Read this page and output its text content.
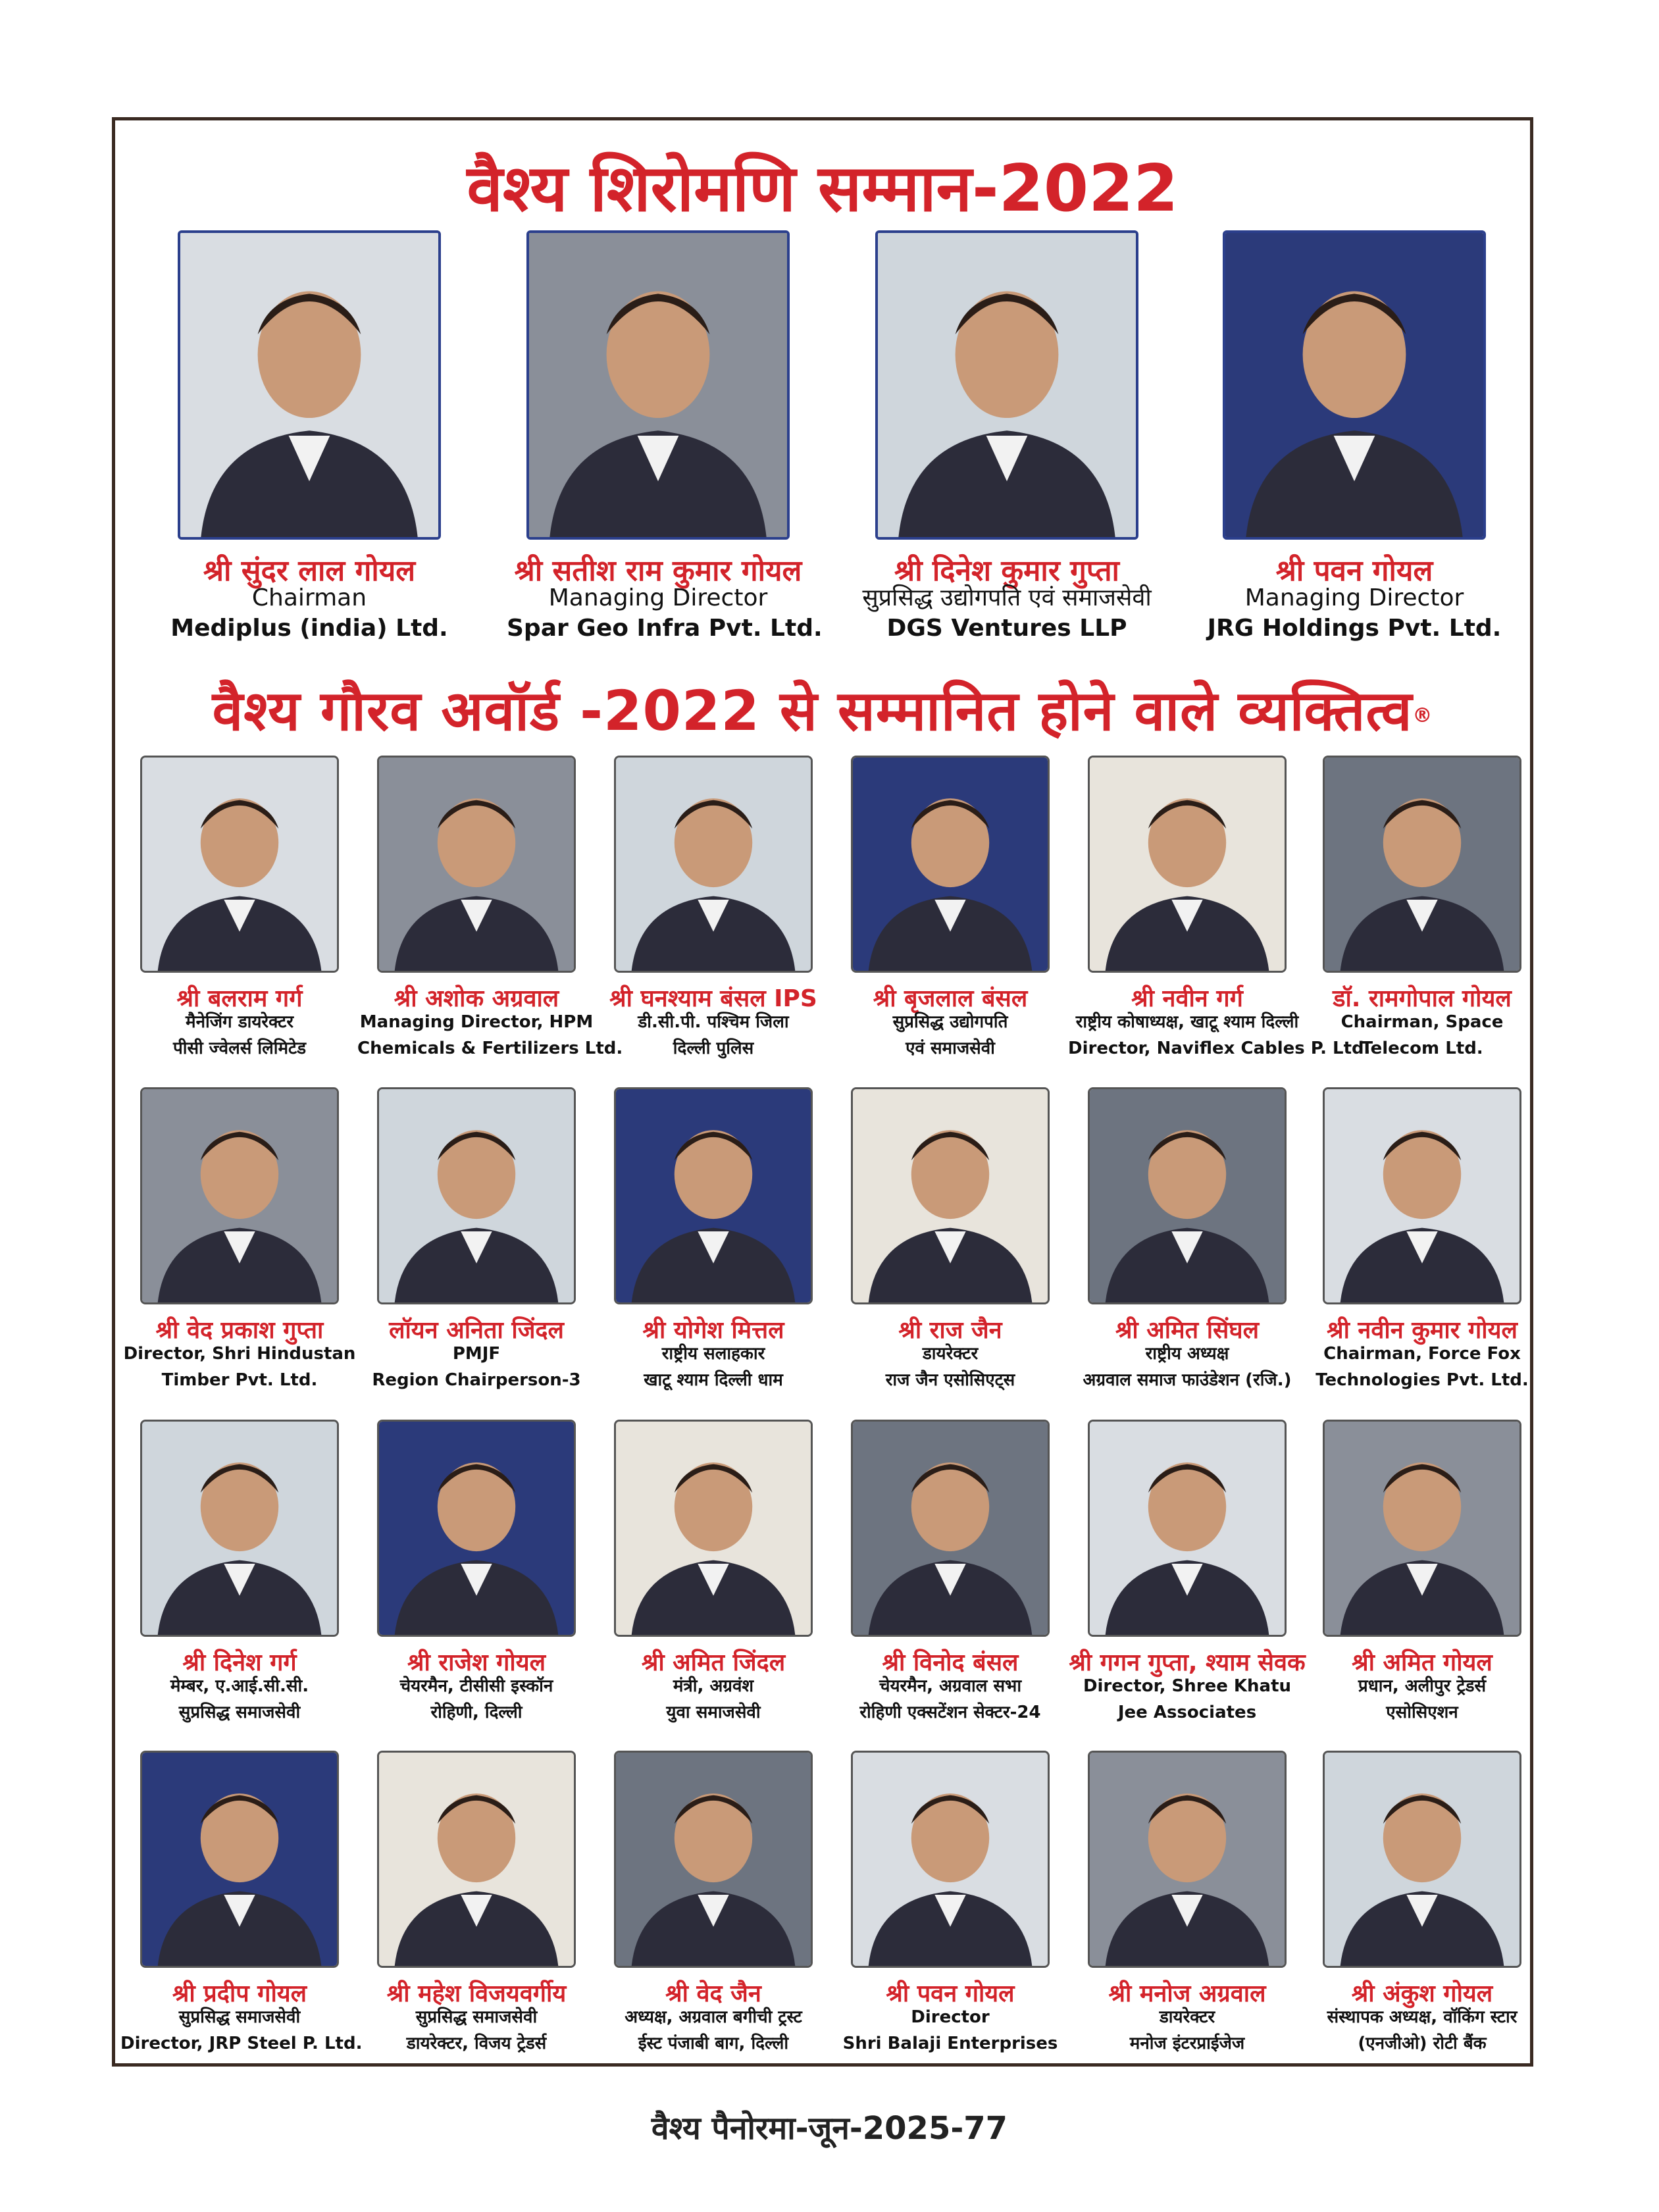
वैश्य शिरोमणि सम्मान-2022
वैश्य गौरव अवॉर्ड -2022 से सम्मानित होने वाले व्यक्तित्व®
श्री सुंदर लाल गोयल
Chairman
Mediplus (india) Ltd.
श्री सतीश राम कुमार गोयल
Managing Director
Spar Geo Infra Pvt. Ltd.
श्री दिनेश कुमार गुप्ता
सुप्रसिद्ध उद्योगपति एवं समाजसेवी
DGS Ventures LLP
श्री पवन गोयल
Managing Director
JRG Holdings Pvt. Ltd.
श्री बलराम गर्ग
मैनेजिंग डायरेक्टर
पीसी ज्वेलर्स लिमिटेड
श्री अशोक अग्रवाल
Managing Director, HPM
Chemicals & Fertilizers Ltd.
श्री घनश्याम बंसल IPS
डी.सी.पी. पश्चिम जिला
दिल्ली पुलिस
श्री बृजलाल बंसल
सुप्रसिद्ध उद्योगपति
एवं समाजसेवी
श्री नवीन गर्ग
राष्ट्रीय कोषाध्यक्ष, खाटू श्याम दिल्ली
Director, Naviflex Cables P. Ltd.
डॉ. रामगोपाल गोयल
Chairman, Space
Telecom Ltd.
श्री वेद प्रकाश गुप्ता
Director, Shri Hindustan
Timber Pvt. Ltd.
लॉयन अनिता जिंदल
PMJF
Region Chairperson-3
श्री योगेश मित्तल
राष्ट्रीय सलाहकार
खाटू श्याम दिल्ली धाम
श्री राज जैन
डायरेक्टर
राज जैन एसोसिएट्स
श्री अमित सिंघल
राष्ट्रीय अध्यक्ष
अग्रवाल समाज फाउंडेशन (रजि.)
श्री नवीन कुमार गोयल
Chairman, Force Fox
Technologies Pvt. Ltd.
श्री दिनेश गर्ग
मेम्बर, ए.आई.सी.सी.
सुप्रसिद्ध समाजसेवी
श्री राजेश गोयल
चेयरमैन, टीसीसी इस्कॉन
रोहिणी, दिल्ली
श्री अमित जिंदल
मंत्री, अग्रवंश
युवा समाजसेवी
श्री विनोद बंसल
चेयरमैन, अग्रवाल सभा
रोहिणी एक्सटेंशन सेक्टर-24
श्री गगन गुप्ता, श्याम सेवक
Director, Shree Khatu
Jee Associates
श्री अमित गोयल
प्रधान, अलीपुर ट्रेडर्स
एसोसिएशन
श्री प्रदीप गोयल
सुप्रसिद्ध समाजसेवी
Director, JRP Steel P. Ltd.
श्री महेश विजयवर्गीय
सुप्रसिद्ध समाजसेवी
डायरेक्टर, विजय ट्रेडर्स
श्री वेद जैन
अध्यक्ष, अग्रवाल बगीची ट्रस्ट
ईस्ट पंजाबी बाग, दिल्ली
श्री पवन गोयल
Director
Shri Balaji Enterprises
श्री मनोज अग्रवाल
डायरेक्टर
मनोज इंटरप्राईजेज
श्री अंकुश गोयल
संस्थापक अध्यक्ष, वॉकिंग स्टार
(एनजीओ) रोटी बैंक
वैश्य पैनोरमा-जून-2025-77
